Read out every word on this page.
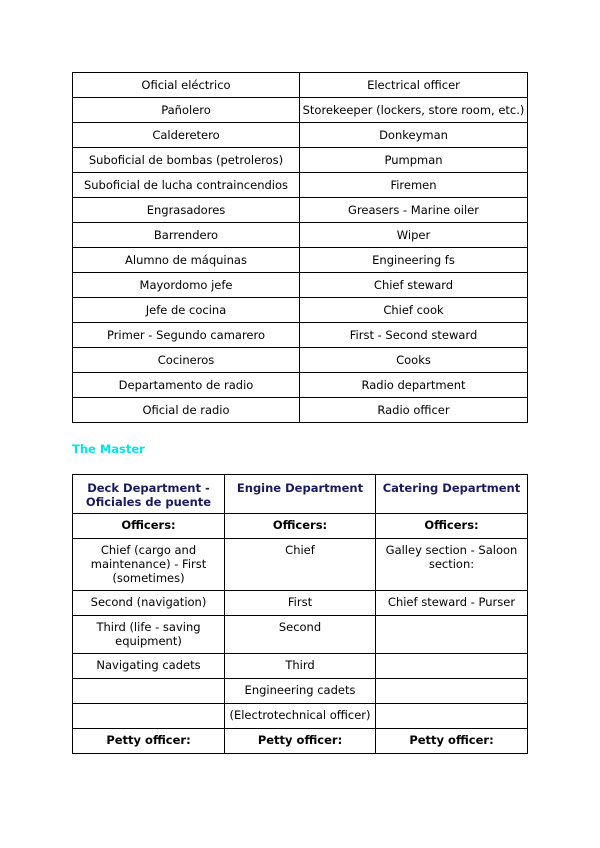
Oficial eléctrico	Electrical officer
Pañolero	Storekeeper (lockers, store room, etc.)
Calderetero	Donkeyman
Suboficial de bombas (petroleros)	Pumpman
Suboficial de lucha contraincendios	Firemen
Engrasadores	Greasers - Marine oiler
Barrendero	Wiper
Alumno de máquinas	Engineering fs
Mayordomo jefe	Chief steward
Jefe de cocina	Chief cook
Primer - Segundo camarero	First - Second steward
Cocineros	Cooks
Departamento de radio	Radio department
Oficial de radio	Radio officer
The Master
Deck Department - Oficiales de puente	Engine Department	Catering Department
Officers:	Officers:	Officers:
Chief (cargo and maintenance) - First (sometimes)	Chief	Galley section - Saloon section:
Second (navigation)	First	Chief steward - Purser
Third (life - saving equipment)	Second	
Navigating cadets	Third	
	Engineering cadets	
	(Electrotechnical officer)	
Petty officer:	Petty officer:	Petty officer:
